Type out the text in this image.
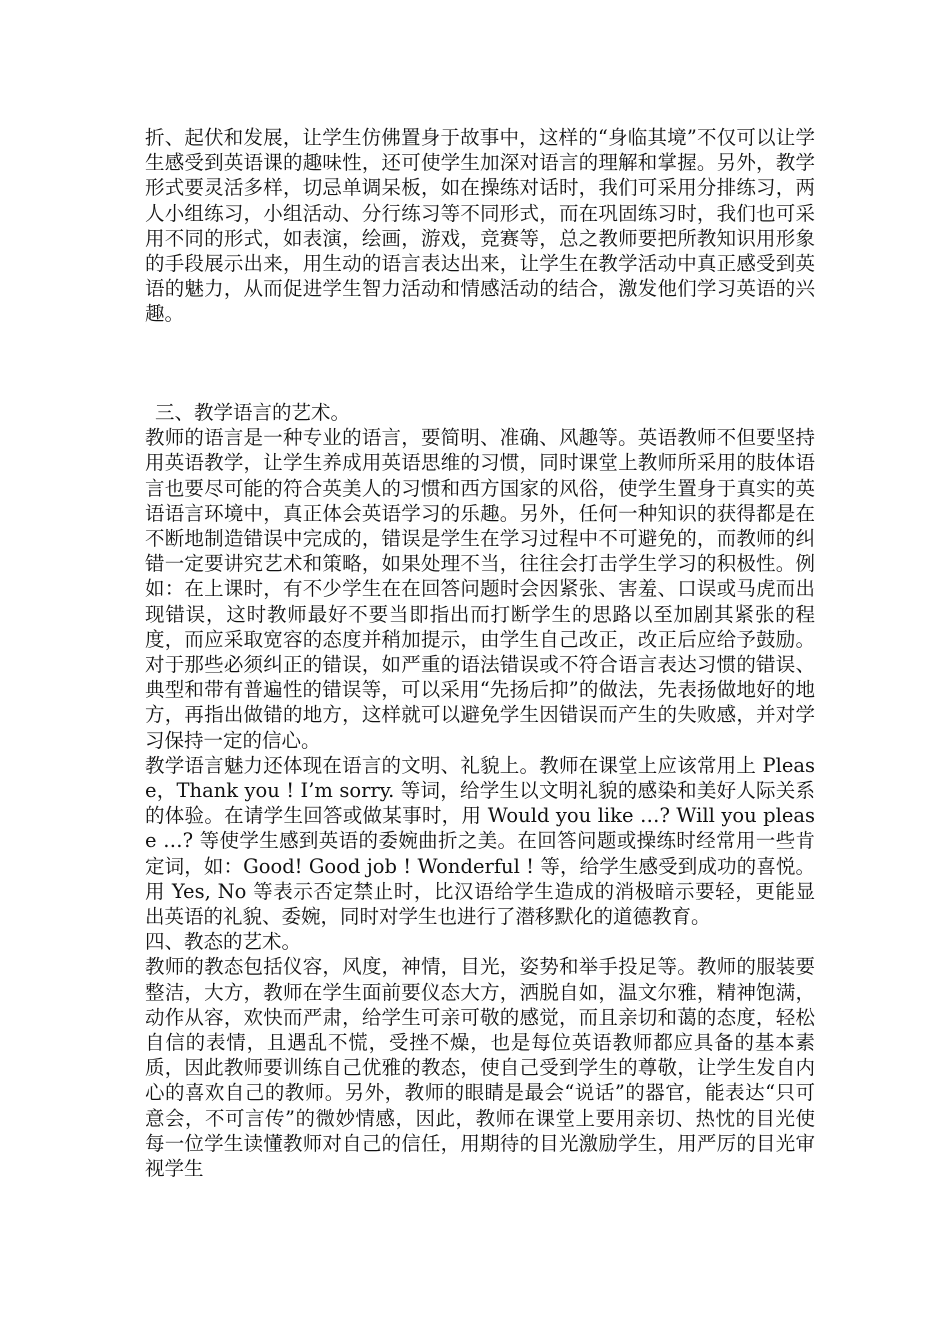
折、起伏和发展，让学生仿佛置身于故事中，这样的“身临其境”不仅可以让学生感受到英语课的趣味性，还可使学生加深对语言的理解和掌握。另外，教学形式要灵活多样，切忌单调呆板，如在操练对话时，我们可采用分排练习，两人小组练习，小组活动、分行练习等不同形式，而在巩固练习时，我们也可采用不同的形式，如表演，绘画，游戏，竞赛等，总之教师要把所教知识用形象的手段展示出来，用生动的语言表达出来，让学生在教学活动中真正感受到英语的魅力，从而促进学生智力活动和情感活动的结合，激发他们学习英语的兴趣。

三、教学语言的艺术。

教师的语言是一种专业的语言，要简明、准确、风趣等。英语教师不但要坚持用英语教学，让学生养成用英语思维的习惯，同时课堂上教师所采用的肢体语言也要尽可能的符合英美人的习惯和西方国家的风俗，使学生置身于真实的英语语言环境中，真正体会英语学习的乐趣。另外，任何一种知识的获得都是在不断地制造错误中完成的，错误是学生在学习过程中不可避免的，而教师的纠错一定要讲究艺术和策略，如果处理不当，往往会打击学生学习的积极性。例如：在上课时，有不少学生在在回答问题时会因紧张、害羞、口误或马虎而出现错误，这时教师最好不要当即指出而打断学生的思路以至加剧其紧张的程度，而应采取宽容的态度并稍加提示，由学生自己改正，改正后应给予鼓励。对于那些必须纠正的错误，如严重的语法错误或不符合语言表达习惯的错误、典型和带有普遍性的错误等，可以采用“先扬后抑”的做法，先表扬做地好的地方，再指出做错的地方，这样就可以避免学生因错误而产生的失败感，并对学习保持一定的信心。

教学语言魅力还体现在语言的文明、礼貌上。教师在课堂上应该常用上 Please，Thank you ! I’m sorry. 等词，给学生以文明礼貌的感染和美好人际关系的体验。在请学生回答或做某事时，用 Would you like …? Will you please …? 等使学生感到英语的委婉曲折之美。在回答问题或操练时经常用一些肯定词，如：Good! Good job ! Wonderful ! 等，给学生感受到成功的喜悦。用 Yes, No 等表示否定禁止时，比汉语给学生造成的消极暗示要轻，更能显出英语的礼貌、委婉，同时对学生也进行了潜移默化的道德教育。

四、教态的艺术。

教师的教态包括仪容，风度，神情，目光，姿势和举手投足等。教师的服装要整洁，大方，教师在学生面前要仪态大方，洒脱自如，温文尔雅，精神饱满，动作从容，欢快而严肃，给学生可亲可敬的感觉，而且亲切和蔼的态度，轻松自信的表情，且遇乱不慌，受挫不燥，也是每位英语教师都应具备的基本素质，因此教师要训练自己优雅的教态，使自己受到学生的尊敬，让学生发自内心的喜欢自己的教师。另外，教师的眼睛是最会“说话”的器官，能表达“只可意会，不可言传”的微妙情感，因此，教师在课堂上要用亲切、热忱的目光使每一位学生读懂教师对自己的信任，用期待的目光激励学生，用严厉的目光审视学生
